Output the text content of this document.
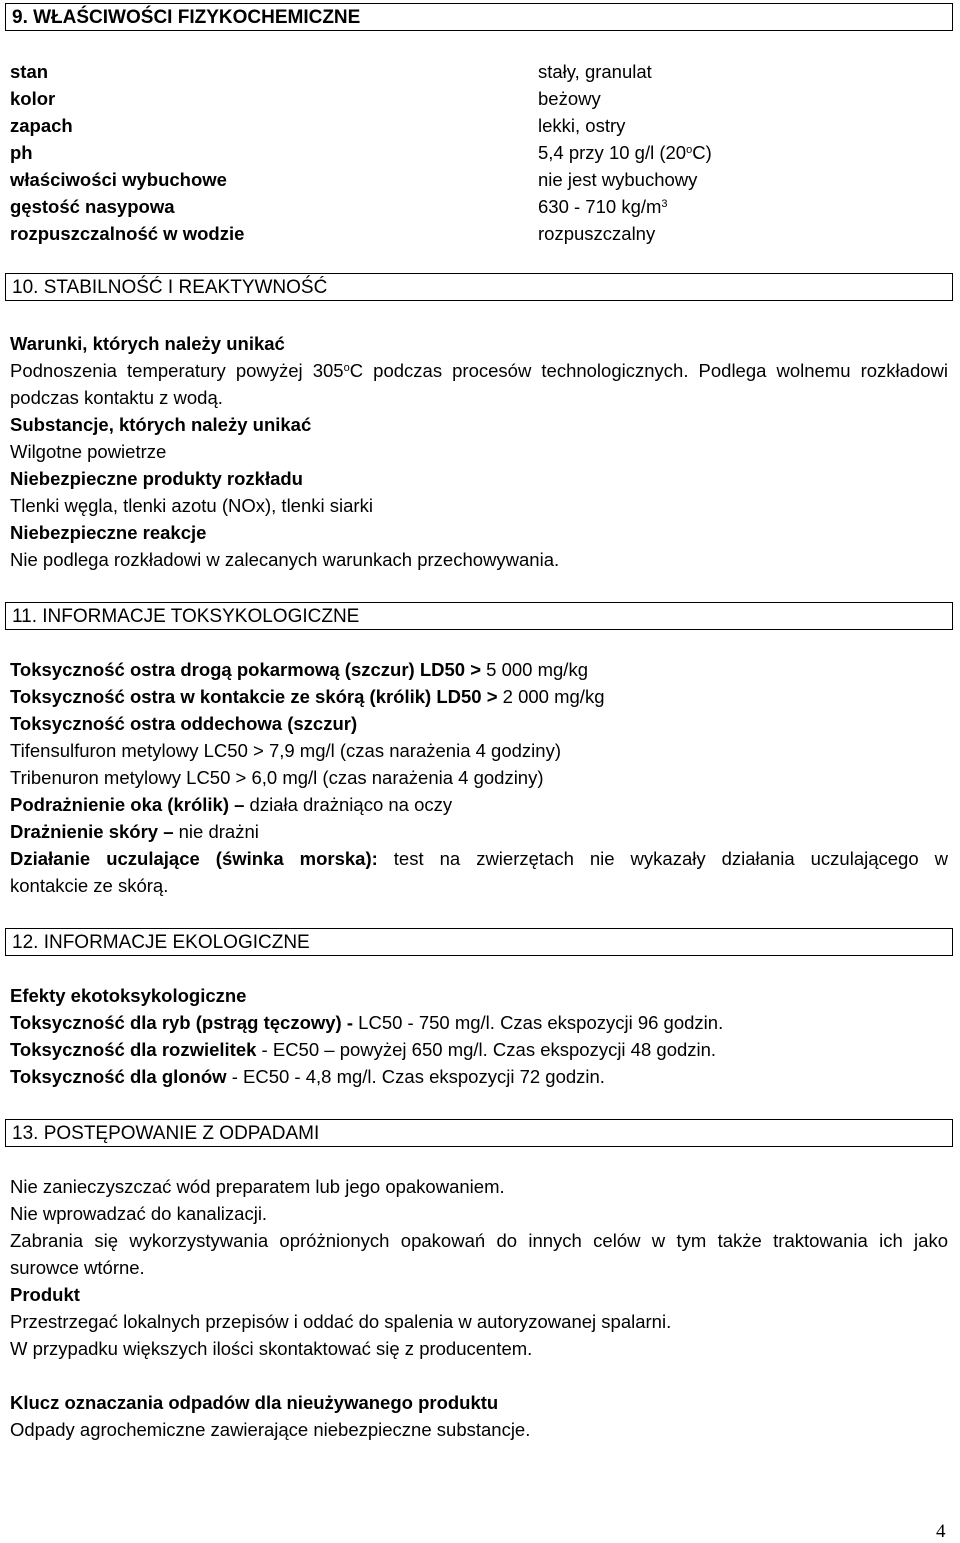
9. WŁAŚCIWOŚCI FIZYKOCHEMICZNE
stan	stały, granulat
kolor	beżowy
zapach	lekki, ostry
ph	5,4 przy 10 g/l (20$^o$C)
właściwości wybuchowe	nie jest wybuchowy
gęstość nasypowa	630 - 710 $kg/m^3$
rozpuszczalność w wodzie	rozpuszczalny
10. STABILNOŚĆ I REAKTYWNOŚĆ
Warunki, których należy unikać
Podnoszenia temperatury powyżej 305$^o$C podczas procesów technologicznych. Podlega wolnemu rozkładowi
podczas kontaktu z wodą.
Substancje, których należy unikać
Wilgotne powietrze
Niebezpieczne produkty rozkładu
Tlenki węgla, tlenki azotu (NOx), tlenki siarki
Niebezpieczne reakcje
Nie podlega rozkładowi w zalecanych warunkach przechowywania.
11. INFORMACJE TOKSYKOLOGICZNE
Toksyczność ostra drogą pokarmową (szczur) LD50 > 5 000 mg/kg
Toksyczność ostra w kontakcie ze skórą (królik) LD50 > 2 000 mg/kg
Toksyczność ostra oddechowa (szczur)
Tifensulfuron metylowy LC50 > 7,9 mg/l (czas narażenia 4 godziny)
Tribenuron metylowy LC50 > 6,0 mg/l (czas narażenia 4 godziny)
Podrażnienie oka (królik) – działa drażniąco na oczy
Drażnienie skóry – nie drażni
Działanie uczulające (świnka morska): test na zwierzętach nie wykazały działania uczulającego w
kontakcie ze skórą.
12. INFORMACJE EKOLOGICZNE
Efekty ekotoksykologiczne
Toksyczność dla ryb (pstrąg tęczowy) - LC50 - 750 mg/l. Czas ekspozycji 96 godzin.
Toksyczność dla rozwielitek - EC50 – powyżej 650 mg/l. Czas ekspozycji 48 godzin.
Toksyczność dla glonów - EC50 - 4,8 mg/l. Czas ekspozycji 72 godzin.
13. POSTĘPOWANIE Z ODPADAMI
Nie zanieczyszczać wód preparatem lub jego opakowaniem.
Nie wprowadzać do kanalizacji.
Zabrania się wykorzystywania opróżnionych opakowań do innych celów w tym także traktowania ich jako
surowce wtórne.
Produkt
Przestrzegać lokalnych przepisów i oddać do spalenia w autoryzowanej spalarni.
W przypadku większych ilości skontaktować się z producentem.
Klucz oznaczania odpadów dla nieużywanego produktu
Odpady agrochemiczne zawierające niebezpieczne substancje.
4
